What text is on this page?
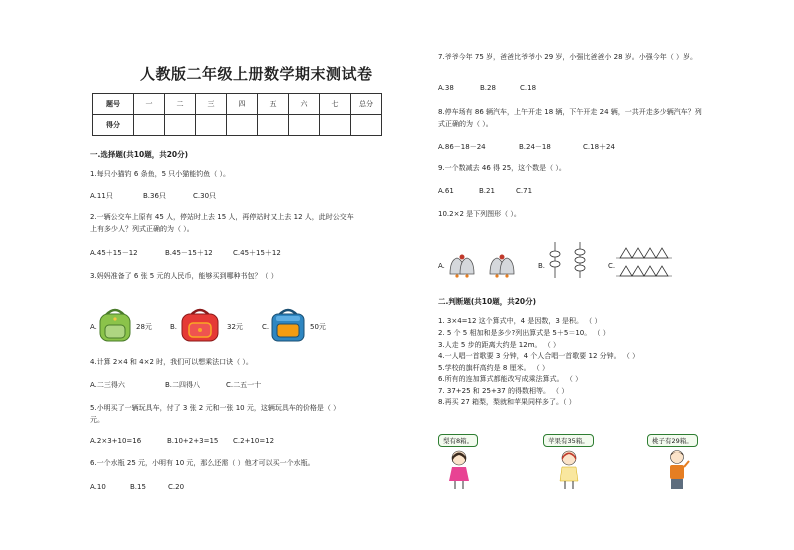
人教版二年级上册数学期末测试卷
题号	一	二	三	四	五	六	七	总分
得分								
一.选择题(共10题，共20分)
1.每只小猫钓 6 条鱼，5 只小猫能钓鱼（ ）。
A.11只	B.36只	C.30只
2.一辆公交车上原有 45 人，停站时上去 15 人，再停站时又上去 12 人，此时公交车
上有多少人？列式正确的为（ ）。
A.45＋15－12	B.45－15＋12	C.45＋15＋12
3.妈妈准备了 6 张 5 元的人民币，能够买到哪种书包？（ ）
A.	28元	B.	32元	C.	50元
4.计算 2×4 和 4×2 时，我们可以想乘法口诀（ ）。
A.二三得六	B.二四得八	C.二五一十
5.小明买了一辆玩具车，付了 3 张 2 元和一张 10 元，这辆玩具车的价格是（ ）
元。
A.2×3+10=16	B.10+2+3=15 C.2+10=12
6.一个水瓶 25 元，小明有 10 元，那么还需（ ）他才可以买一个水瓶。
A.10	B.15	C.20
7.爷爷今年 75 岁，爸爸比爷爷小 29 岁，小强比爸爸小 28 岁。小强今年（ ）岁。
A.38	B.28	C.18
8.停车场有 86 辆汽车，上午开走 18 辆，下午开走 24 辆，一共开走多少辆汽车？列
式正确的为（ ）。
A.86－18－24	B.24－18	C.18＋24
9.一个数减去 46 得 25，这个数是（ ）。
A.61	B.21	C.71
10.2×2 是下列图形（ ）。
A.	B.	C.
二.判断题(共10题，共20分)
1. 3×4=12 这个算式中，4 是因数，3 是积。 （ ）
2. 5 个 5 相加和是多少?列出算式是 5＋5＝10。 （ ）
3.人走 5 步的距离大约是 12m。 （ ）
4.一人唱一首歌要 3 分钟，4 个人合唱一首歌要 12 分钟。 （ ）
5.学校的旗杆高约是 8 厘米。 （ ）
6.所有的连加算式都能改写成乘法算式。 （ ）
7. 37+25 和 25+37 的得数相等。 （ ）
8.再买 27 箱梨，梨就和苹果同样多了。（ ）
梨有8箱。	苹果有35箱。	桃子有29箱。
